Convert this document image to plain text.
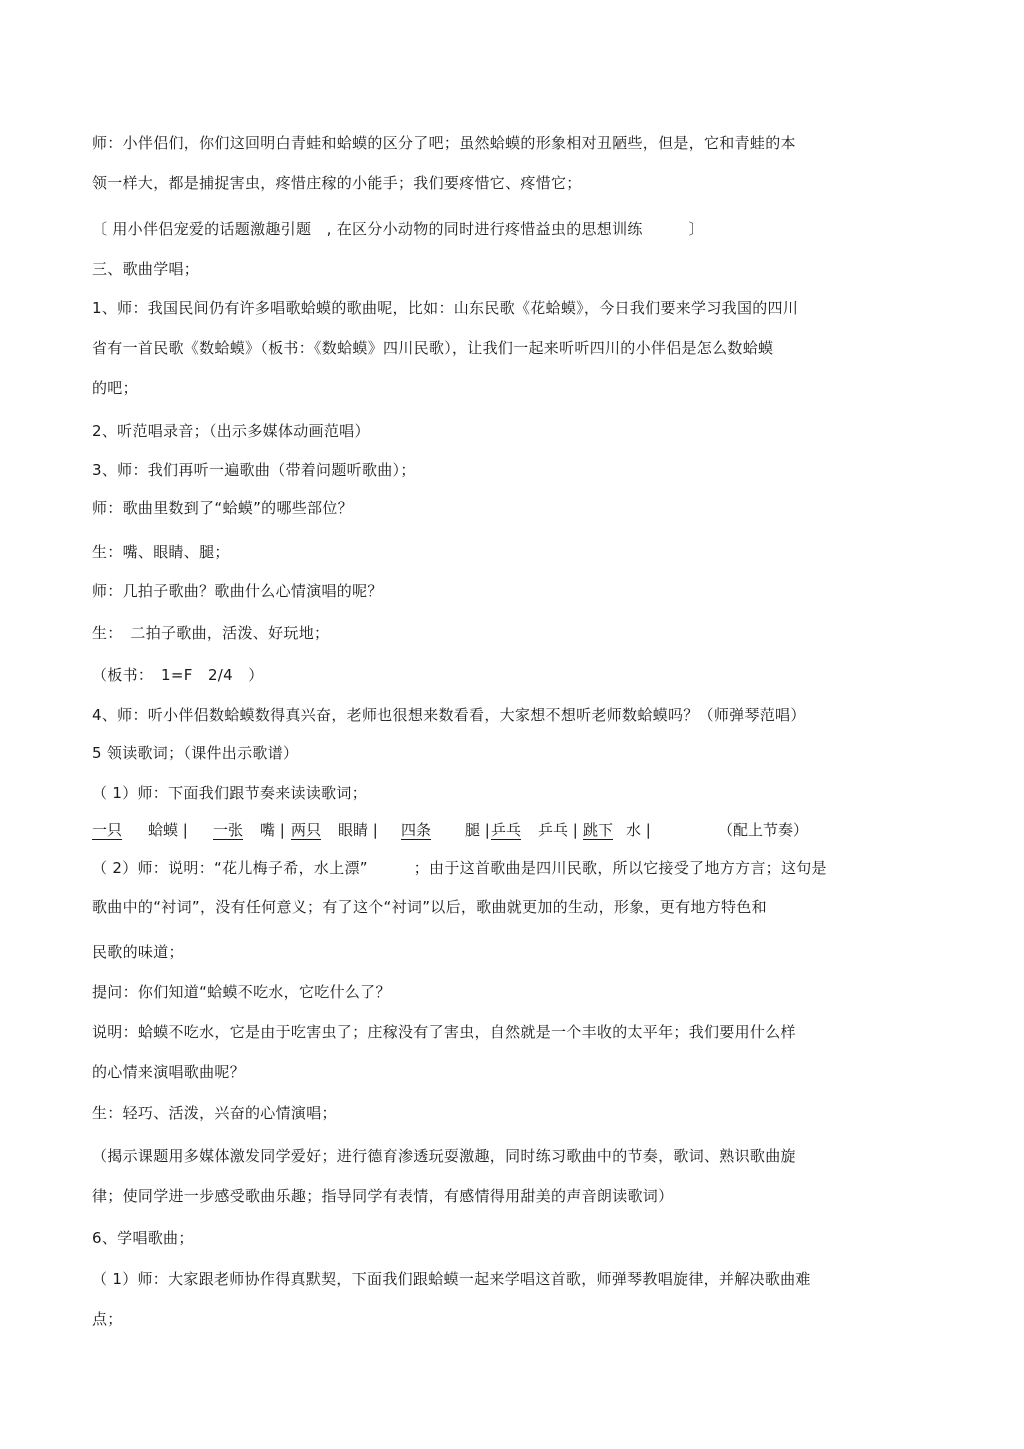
师：小伴侣们，你们这回明白青蛙和蛤蟆的区分了吧；虽然蛤蟆的形象相对丑陋些，但是，它和青蛙的本
领一样大，都是捕捉害虫，疼惜庄稼的小能手；我们要疼惜它、疼惜它；
〔 用小伴侣宠爱的话题激趣引题　, 在区分小动物的同时进行疼惜益虫的思想训练　　　〕
三、歌曲学唱；
1、师：我国民间仍有许多唱歌蛤蟆的歌曲呢，比如：山东民歌《花蛤蟆》，今日我们要来学习我国的四川
省有一首民歌《数蛤蟆》（板书：《数蛤蟆》四川民歌），让我们一起来听听四川的小伴侣是怎么数蛤蟆
的吧；
2、听范唱录音；（出示多媒体动画范唱）
3、师：我们再听一遍歌曲（带着问题听歌曲）；
师：歌曲里数到了“蛤蟆”的哪些部位？
生：嘴、眼睛、腿；
师：几拍子歌曲？歌曲什么心情演唱的呢？
生：　二拍子歌曲，活泼、好玩地；
（板书：　1=F　2/4　）
4、师：听小伴侣数蛤蟆数得真兴奋，老师也很想来数看看，大家想不想听老师数蛤蟆吗？（师弹琴范唱）
5 领读歌词；（课件出示歌谱）
（ 1）师：下面我们跟节奏来读读歌词；
一只 蛤蟆 | 一张 嘴 | 两只 眼睛 | 四条 腿 | 乒乓 乒乓 | 跳下 水 |	（配上节奏）
（ 2）师：说明：“花儿梅子希，水上漂”　　　；由于这首歌曲是四川民歌，所以它接受了地方方言；这句是
歌曲中的“衬词”，没有任何意义；有了这个“衬词”以后，歌曲就更加的生动，形象，更有地方特色和
民歌的味道；
提问：你们知道“蛤蟆不吃水，它吃什么了？
说明：蛤蟆不吃水，它是由于吃害虫了；庄稼没有了害虫，自然就是一个丰收的太平年；我们要用什么样
的心情来演唱歌曲呢？
生：轻巧、活泼，兴奋的心情演唱；
（揭示课题用多媒体激发同学爱好；进行德育渗透玩耍激趣，同时练习歌曲中的节奏，歌词、熟识歌曲旋
律；使同学进一步感受歌曲乐趣；指导同学有表情，有感情得用甜美的声音朗读歌词）
6、学唱歌曲；
（ 1）师：大家跟老师协作得真默契，下面我们跟蛤蟆一起来学唱这首歌，师弹琴教唱旋律，并解决歌曲难
点；
